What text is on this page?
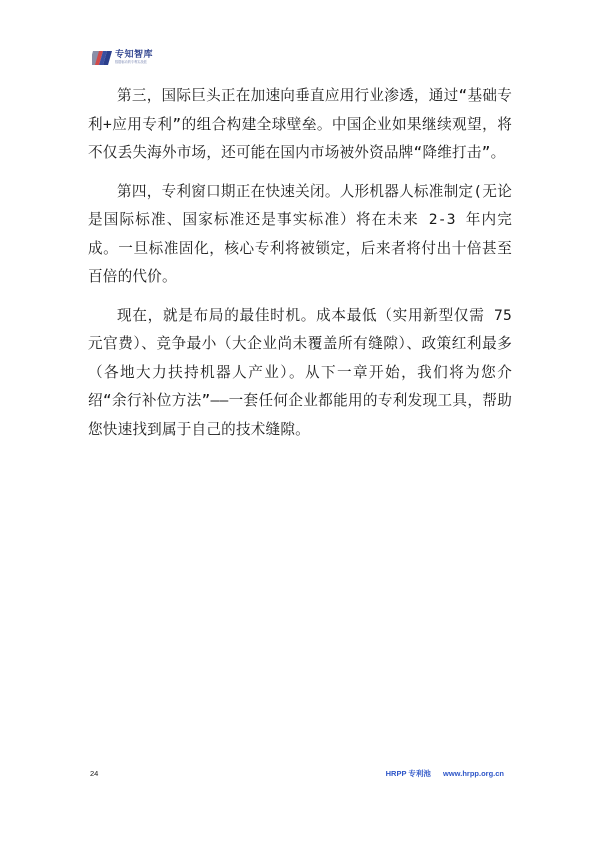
专知智库
数据驱动的专利实战派

第三，国际巨头正在加速向垂直应用行业渗透，通过“基础专利+应用专利”的组合构建全球壁垒。中国企业如果继续观望，将不仅丢失海外市场，还可能在国内市场被外资品牌“降维打击”。

第四，专利窗口期正在快速关闭。人形机器人标准制定(无论是国际标准、国家标准还是事实标准）将在未来 2-3 年内完成。一旦标准固化，核心专利将被锁定，后来者将付出十倍甚至百倍的代价。

现在，就是布局的最佳时机。成本最低（实用新型仅需 75 元官费）、竞争最小（大企业尚未覆盖所有缝隙）、政策红利最多（各地大力扶持机器人产业）。从下一章开始，我们将为您介绍“余行补位方法”——一套任何企业都能用的专利发现工具，帮助您快速找到属于自己的技术缝隙。

24	HRPP 专利池 www.hrpp.org.cn
